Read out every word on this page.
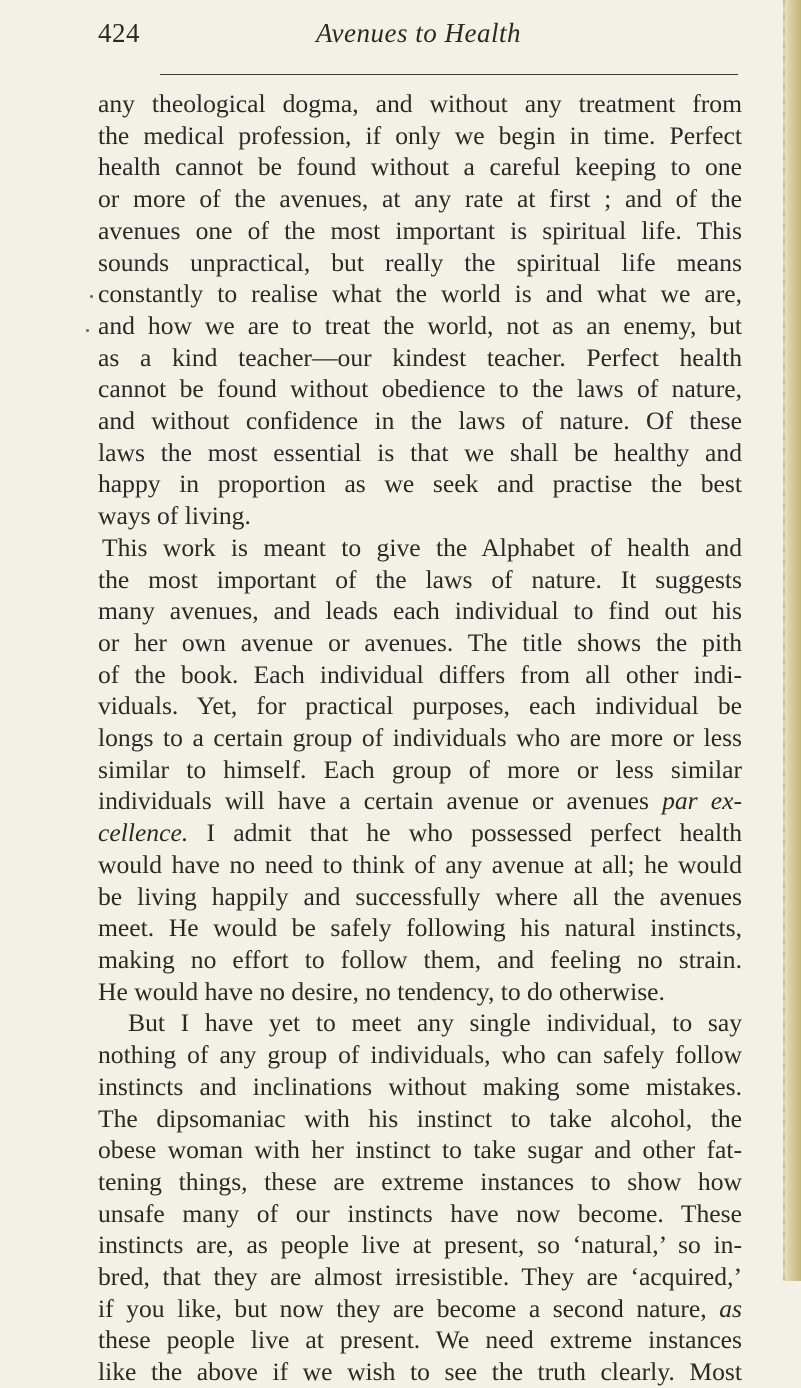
424	Avenues to Health
any theological dogma, and without any treatment from
the medical profession, if only we begin in time. Perfect
health cannot be found without a careful keeping to one
or more of the avenues, at any rate at first ; and of the
avenues one of the most important is spiritual life. This
sounds unpractical, but really the spiritual life means
constantly to realise what the world is and what we are,
and how we are to treat the world, not as an enemy, but
as a kind teacher—our kindest teacher. Perfect health
cannot be found without obedience to the laws of nature,
and without confidence in the laws of nature. Of these
laws the most essential is that we shall be healthy and
happy in proportion as we seek and practise the best
ways of living.
This work is meant to give the Alphabet of health and
the most important of the laws of nature. It suggests
many avenues, and leads each individual to find out his
or her own avenue or avenues. The title shows the pith
of the book. Each individual differs from all other indi-
viduals. Yet, for practical purposes, each individual be
longs to a certain group of individuals who are more or less
similar to himself. Each group of more or less similar
individuals will have a certain avenue or avenues par ex-
cellence. I admit that he who possessed perfect health
would have no need to think of any avenue at all; he would
be living happily and successfully where all the avenues
meet. He would be safely following his natural instincts,
making no effort to follow them, and feeling no strain.
He would have no desire, no tendency, to do otherwise.
But I have yet to meet any single individual, to say
nothing of any group of individuals, who can safely follow
instincts and inclinations without making some mistakes.
The dipsomaniac with his instinct to take alcohol, the
obese woman with her instinct to take sugar and other fat-
tening things, these are extreme instances to show how
unsafe many of our instincts have now become. These
instincts are, as people live at present, so ‘natural,’ so in-
bred, that they are almost irresistible. They are ‘acquired,’
if you like, but now they are become a second nature, as
these people live at present. We need extreme instances
like the above if we wish to see the truth clearly. Most
